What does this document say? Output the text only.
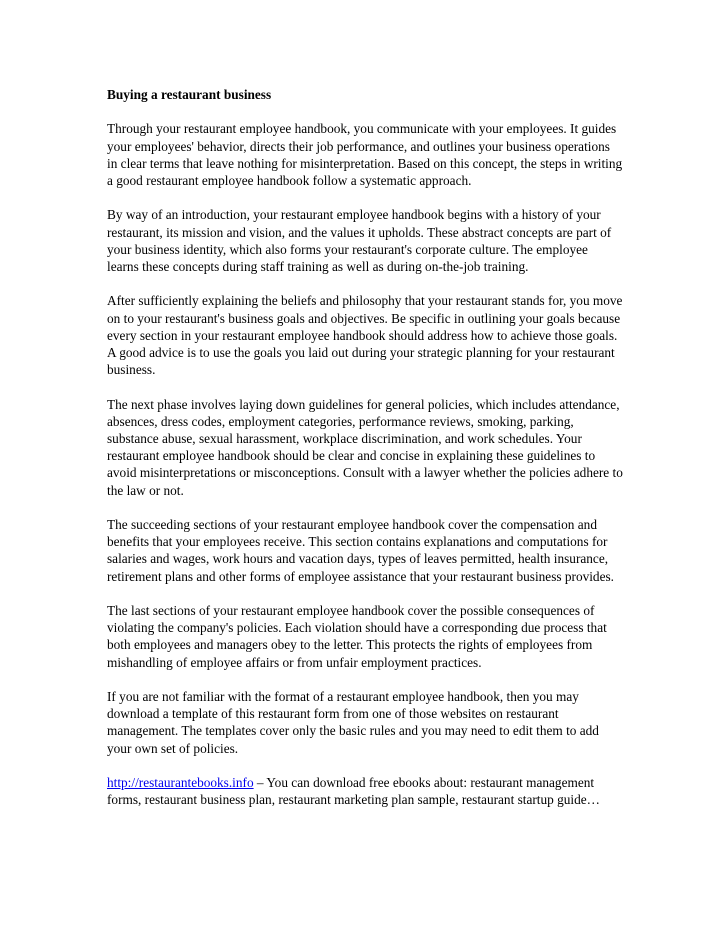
Buying a restaurant business

Through your restaurant employee handbook, you communicate with your employees. It guides your employees' behavior, directs their job performance, and outlines your business operations in clear terms that leave nothing for misinterpretation. Based on this concept, the steps in writing a good restaurant employee handbook follow a systematic approach.

By way of an introduction, your restaurant employee handbook begins with a history of your restaurant, its mission and vision, and the values it upholds. These abstract concepts are part of your business identity, which also forms your restaurant's corporate culture. The employee learns these concepts during staff training as well as during on-the-job training.

After sufficiently explaining the beliefs and philosophy that your restaurant stands for, you move on to your restaurant's business goals and objectives. Be specific in outlining your goals because every section in your restaurant employee handbook should address how to achieve those goals. A good advice is to use the goals you laid out during your strategic planning for your restaurant business.

The next phase involves laying down guidelines for general policies, which includes attendance, absences, dress codes, employment categories, performance reviews, smoking, parking, substance abuse, sexual harassment, workplace discrimination, and work schedules. Your restaurant employee handbook should be clear and concise in explaining these guidelines to avoid misinterpretations or misconceptions. Consult with a lawyer whether the policies adhere to the law or not.

The succeeding sections of your restaurant employee handbook cover the compensation and benefits that your employees receive. This section contains explanations and computations for salaries and wages, work hours and vacation days, types of leaves permitted, health insurance, retirement plans and other forms of employee assistance that your restaurant business provides.

The last sections of your restaurant employee handbook cover the possible consequences of violating the company's policies. Each violation should have a corresponding due process that both employees and managers obey to the letter. This protects the rights of employees from mishandling of employee affairs or from unfair employment practices.

If you are not familiar with the format of a restaurant employee handbook, then you may download a template of this restaurant form from one of those websites on restaurant management. The templates cover only the basic rules and you may need to edit them to add your own set of policies.

http://restaurantebooks.info – You can download free ebooks about: restaurant management forms, restaurant business plan, restaurant marketing plan sample, restaurant startup guide…
